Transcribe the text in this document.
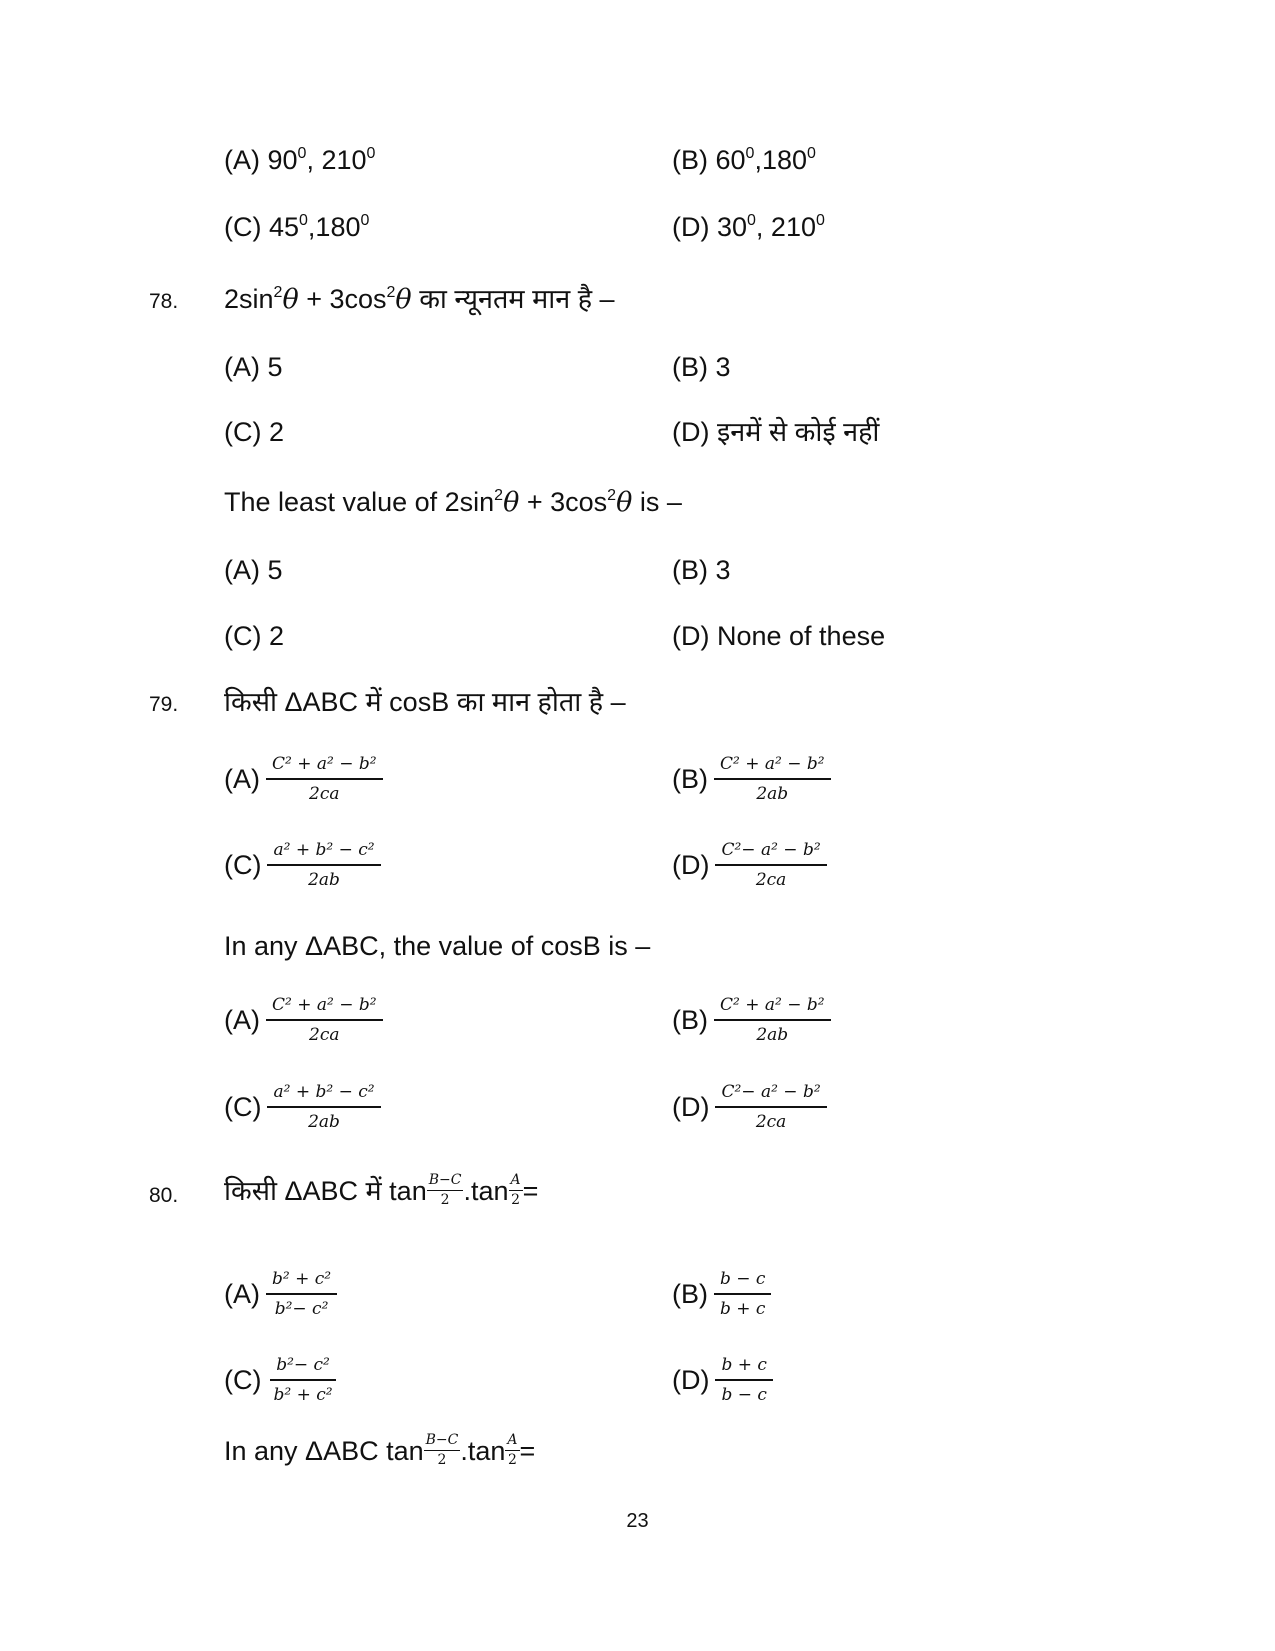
(A) $90^0$, $210^0$	(B) $60^0,180^0$
(C) $45^0,180^0$	(D) $30^0$, $210^0$
78. $2\sin^2\theta + 3\cos^2\theta$ का न्यूनतम मान है –
(A) 5	(B) 3
(C) 2	(D) इनमें से कोई नहीं
The least value of $2\sin^2\theta + 3\cos^2\theta$ is –
(A) 5	(B) 3
(C) 2	(D) None of these
79. किसी ΔABC में cosB का मान होता है –
$(A) \frac{\text{C² + a² − b²}}{2ca}$	$(B) \frac{\text{C² + a² − b²}}{2ab}$
$(C) \frac{\text{a² + b² − c²}}{2ab}$	$(D) \frac{\text{C²− a² − b²}}{2ca}$
In any ΔABC, the value of cosB is –
$(A) \frac{\text{C² + a² − b²}}{2ca}$	$(B) \frac{\text{C² + a² − b²}}{2ab}$
$(C) \frac{\text{a² + b² − c²}}{2ab}$	$(D) \frac{\text{C²− a² − b²}}{2ca}$
80. किसी ΔABC में $\tan \frac{B-C}{2} .\tan \frac{A}{2}$ =
$(A) \frac{\text{b² + c²}}{\text{b²− c²}}$	$(B) \frac{b - c}{b + c}$
$(C) \frac{\text{b²− c²}}{\text{b² + c²}}$	$(D) \frac{b + c}{b - c}$
In any ΔABC $\tan \frac{B-C}{2} .\tan \frac{A}{2}$ =
23
